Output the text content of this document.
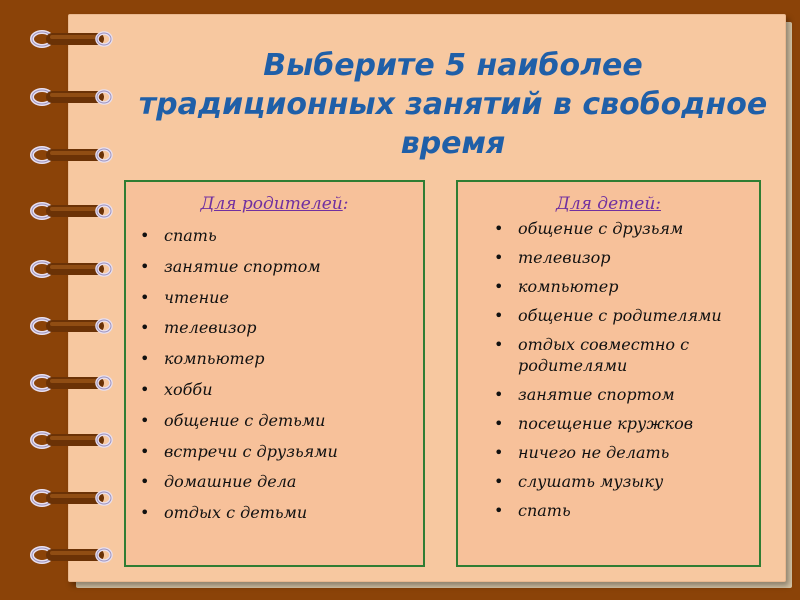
Выберите 5 наиболее
традиционных занятий в свободное
время
Для родителей:
• спать
• занятие спортом
• чтение
• телевизор
• компьютер
• хобби
• общение с детьми
• встречи с друзьями
• домашние дела
• отдых с детьми
Для детей:
• общение с друзьям
• телевизор
• компьютер
• общение с родителями
• отдых совместно с родителями
• занятие спортом
• посещение кружков
• ничего не делать
• слушать музыку
• спать
